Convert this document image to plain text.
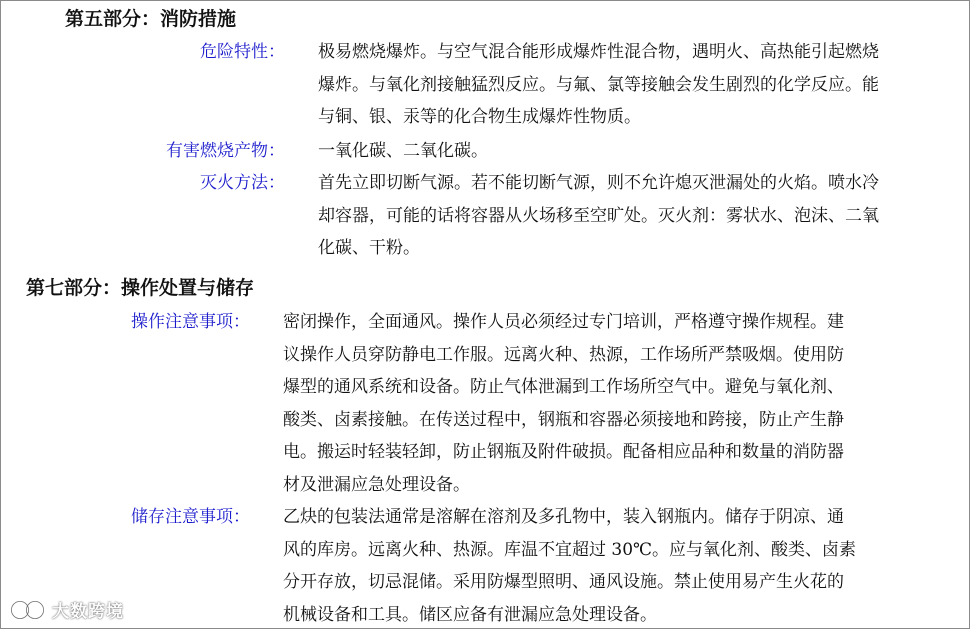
第五部分：消防措施
危险特性： 极易燃烧爆炸。与空气混合能形成爆炸性混合物，遇明火、高热能引起燃烧
爆炸。与氧化剂接触猛烈反应。与氟、氯等接触会发生剧烈的化学反应。能
与铜、银、汞等的化合物生成爆炸性物质。

有害燃烧产物： 一氧化碳、二氧化碳。

灭火方法： 首先立即切断气源。若不能切断气源，则不允许熄灭泄漏处的火焰。喷水冷
却容器，可能的话将容器从火场移至空旷处。灭火剂：雾状水、泡沫、二氧
化碳、干粉。

第七部分：操作处置与储存
操作注意事项： 密闭操作，全面通风。操作人员必须经过专门培训，严格遵守操作规程。建
议操作人员穿防静电工作服。远离火种、热源，工作场所严禁吸烟。使用防
爆型的通风系统和设备。防止气体泄漏到工作场所空气中。避免与氧化剂、
酸类、卤素接触。在传送过程中，钢瓶和容器必须接地和跨接，防止产生静
电。搬运时轻装轻卸，防止钢瓶及附件破损。配备相应品种和数量的消防器
材及泄漏应急处理设备。

储存注意事项： 乙炔的包装法通常是溶解在溶剂及多孔物中，装入钢瓶内。储存于阴凉、通
风的库房。远离火种、热源。库温不宜超过 30℃。应与氧化剂、酸类、卤素
分开存放，切忌混储。采用防爆型照明、通风设施。禁止使用易产生火花的
机械设备和工具。储区应备有泄漏应急处理设备。

大数跨境
